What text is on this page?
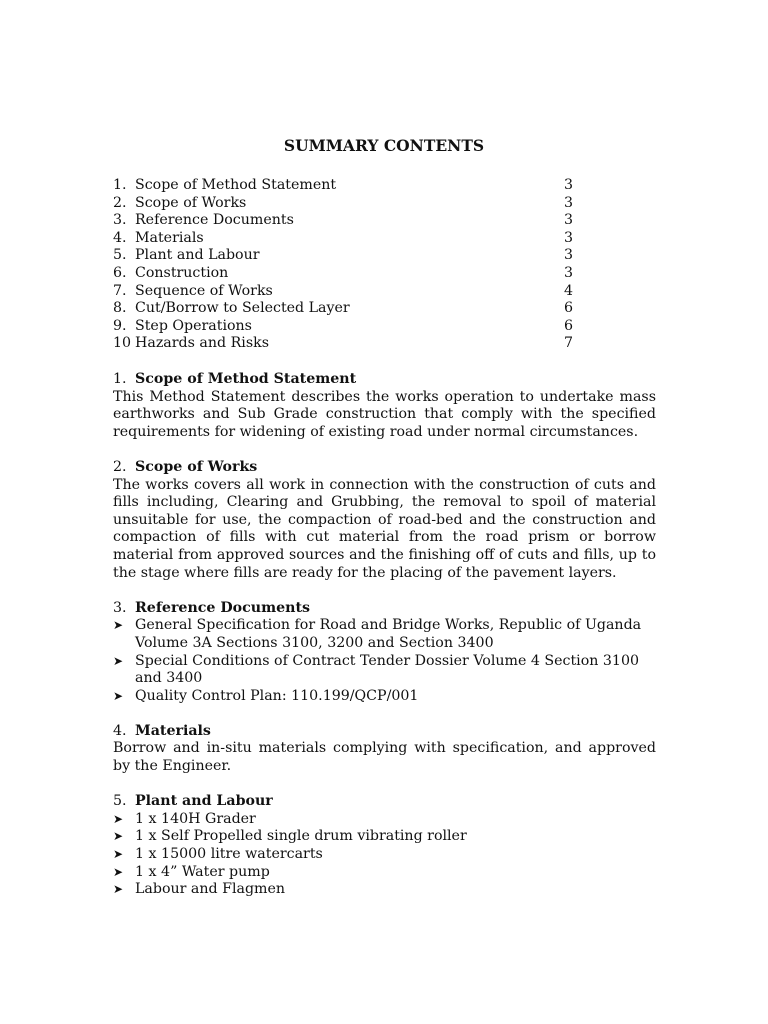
SUMMARY CONTENTS
1. Scope of Method Statement	3
2. Scope of Works	3
3. Reference Documents	3
4. Materials	3
5. Plant and Labour	3
6. Construction	3
7. Sequence of Works	4
8. Cut/Borrow to Selected Layer	6
9. Step Operations	6
10 Hazards and Risks	7
1. Scope of Method Statement

This Method Statement describes the works operation to undertake mass earthworks and Sub Grade construction that comply with the specified requirements for widening of existing road under normal circumstances.

2. Scope of Works

The works covers all work in connection with the construction of cuts and fills including, Clearing and Grubbing, the removal to spoil of material unsuitable for use, the compaction of road-bed and the construction and compaction of fills with cut material from the road prism or borrow material from approved sources and the finishing off of cuts and fills, up to the stage where fills are ready for the placing of the pavement layers.

3. Reference Documents
➤ General Specification for Road and Bridge Works, Republic of Uganda Volume 3A Sections 3100, 3200 and Section 3400
➤ Special Conditions of Contract Tender Dossier Volume 4 Section 3100 and 3400
➤ Quality Control Plan: 110.199/QCP/001
4. Materials

Borrow and in-situ materials complying with specification, and approved by the Engineer.

5. Plant and Labour
➤ 1 x 140H Grader
➤ 1 x Self Propelled single drum vibrating roller
➤ 1 x 15000 litre watercarts
➤ 1 x 4” Water pump
➤ Labour and Flagmen
